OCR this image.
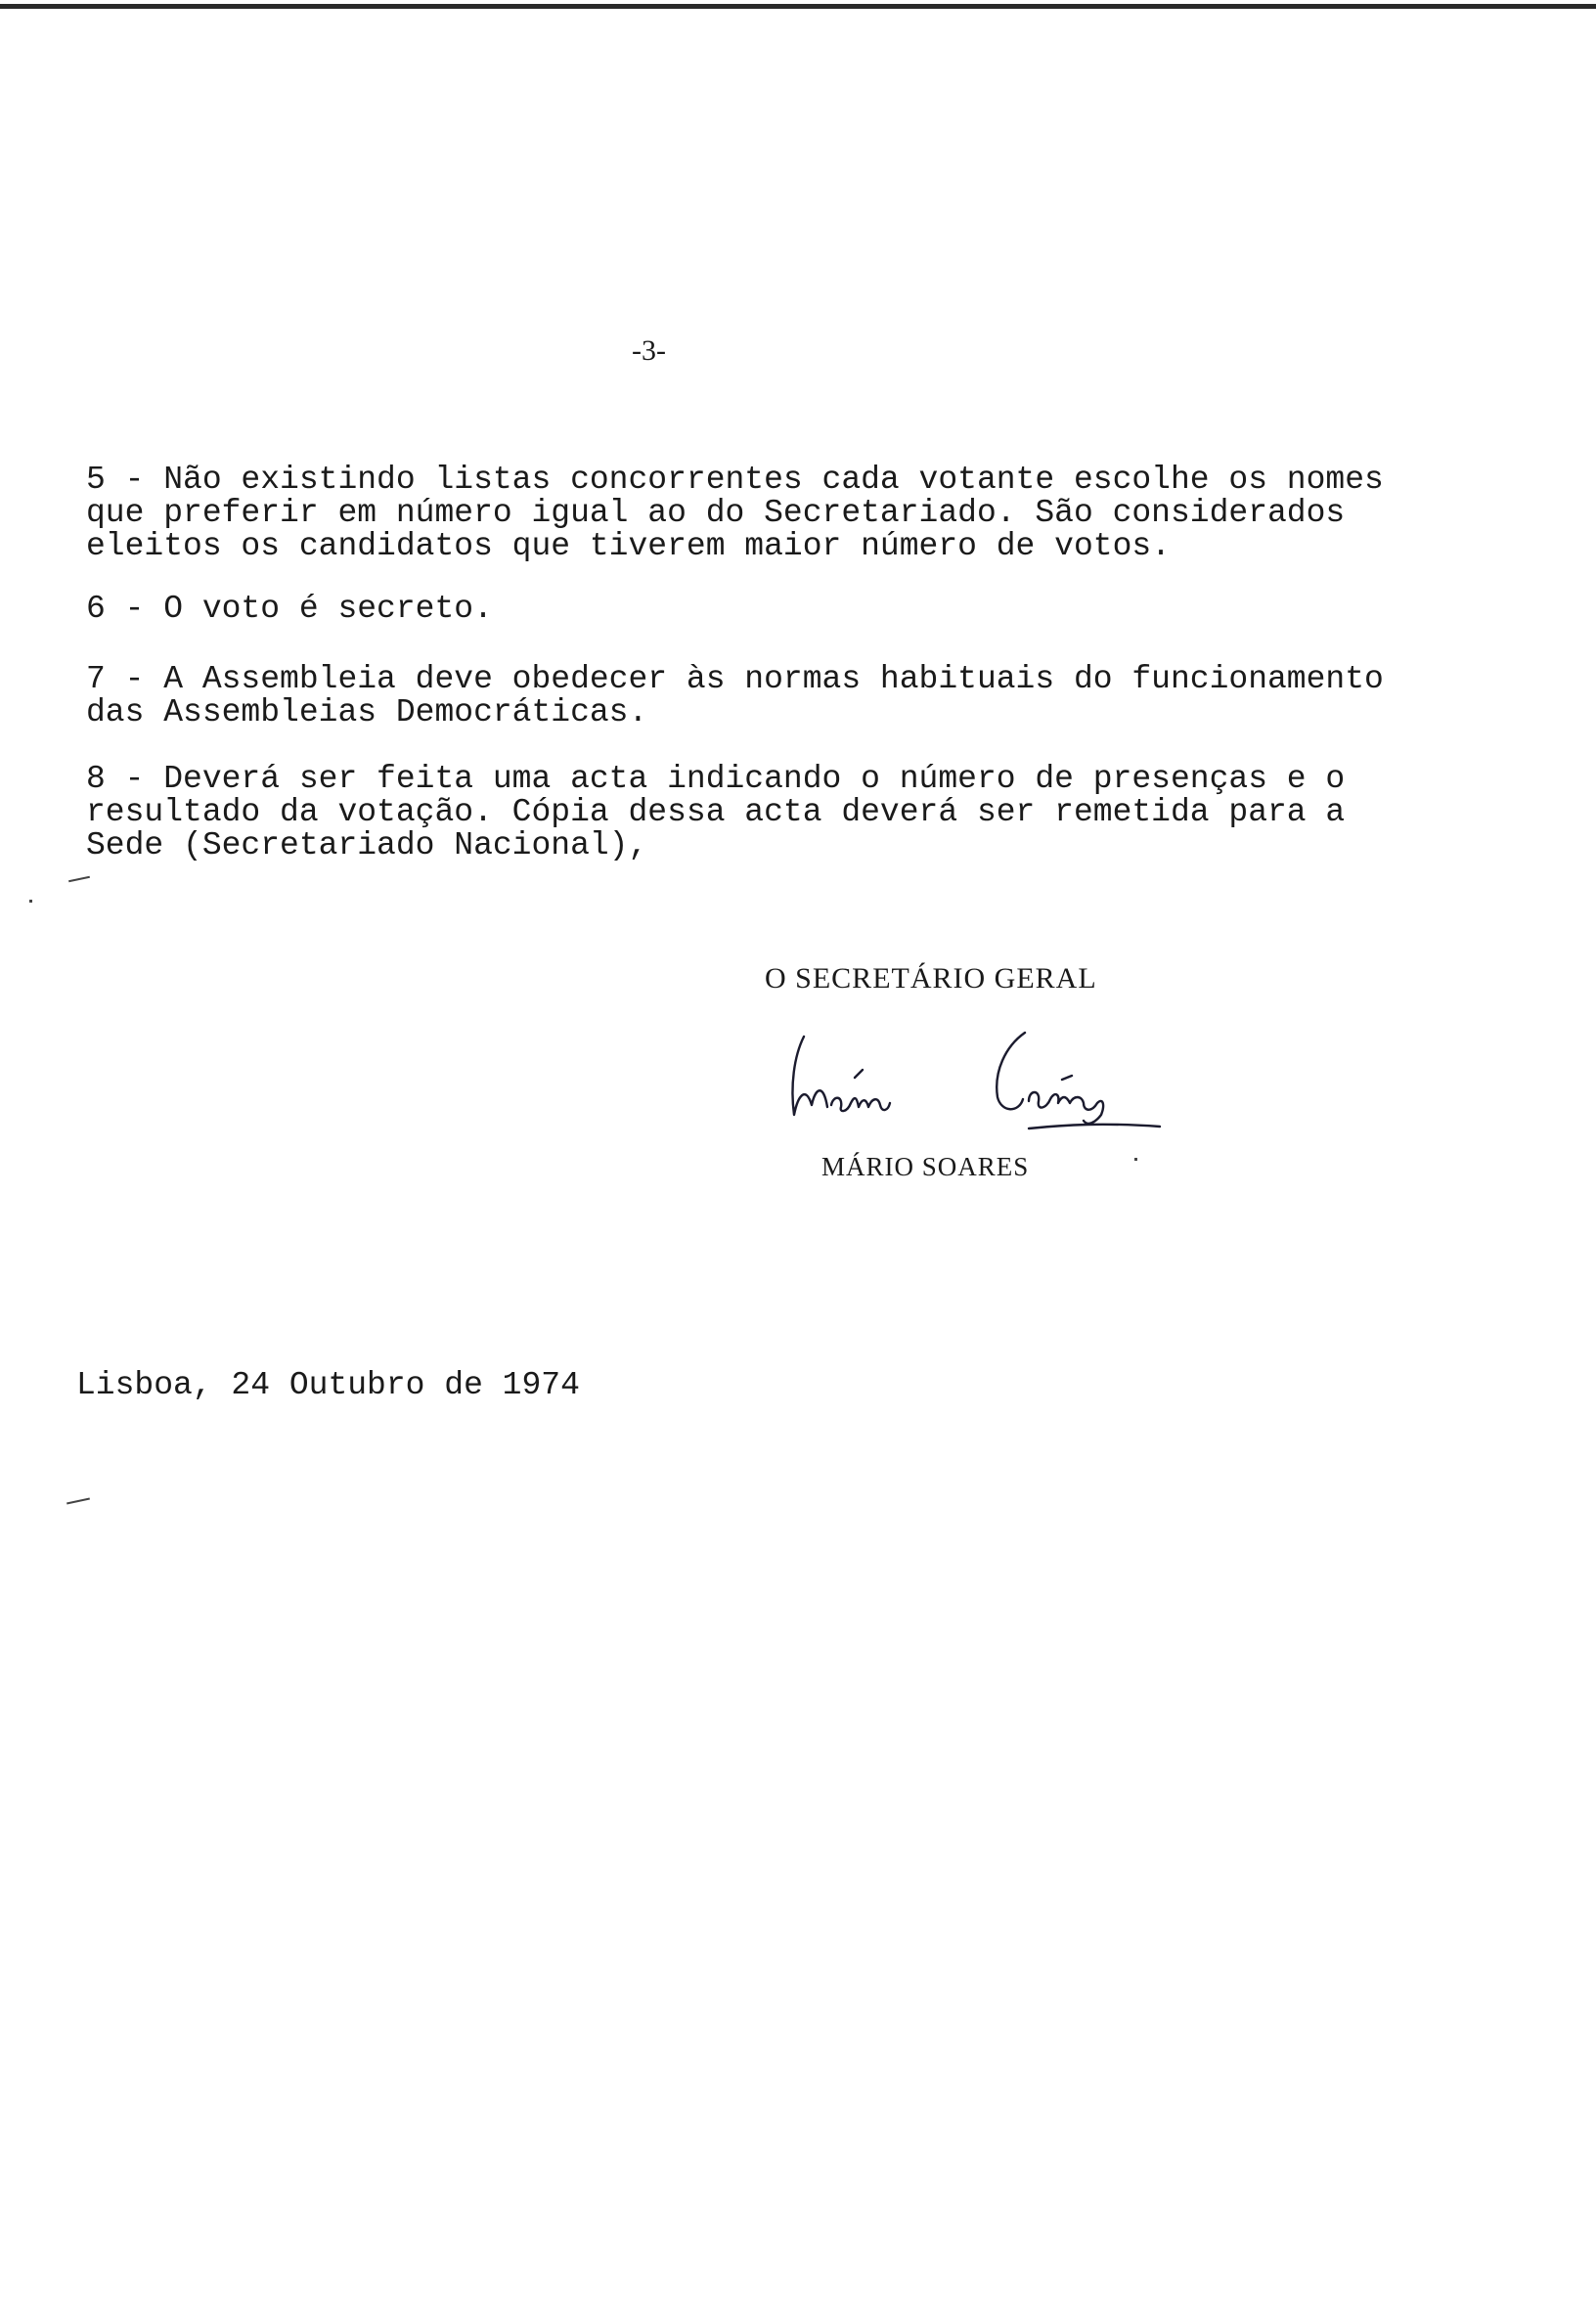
-3-

5 - Não existindo listas concorrentes cada votante escolhe os nomes
que preferir em número igual ao do Secretariado. São considerados
eleitos os candidatos que tiverem maior número de votos.

6 - O voto é secreto.

7 - A Assembleia deve obedecer às normas habituais do funcionamento
das Assembleias Democráticas.

8 - Deverá ser feita uma acta indicando o número de presenças e o
resultado da votação. Cópia dessa acta deverá ser remetida para a
Sede (Secretariado Nacional),

O SECRETÁRIO GERAL
MÁRIO SOARES
Lisboa, 24 Outubro de 1974
